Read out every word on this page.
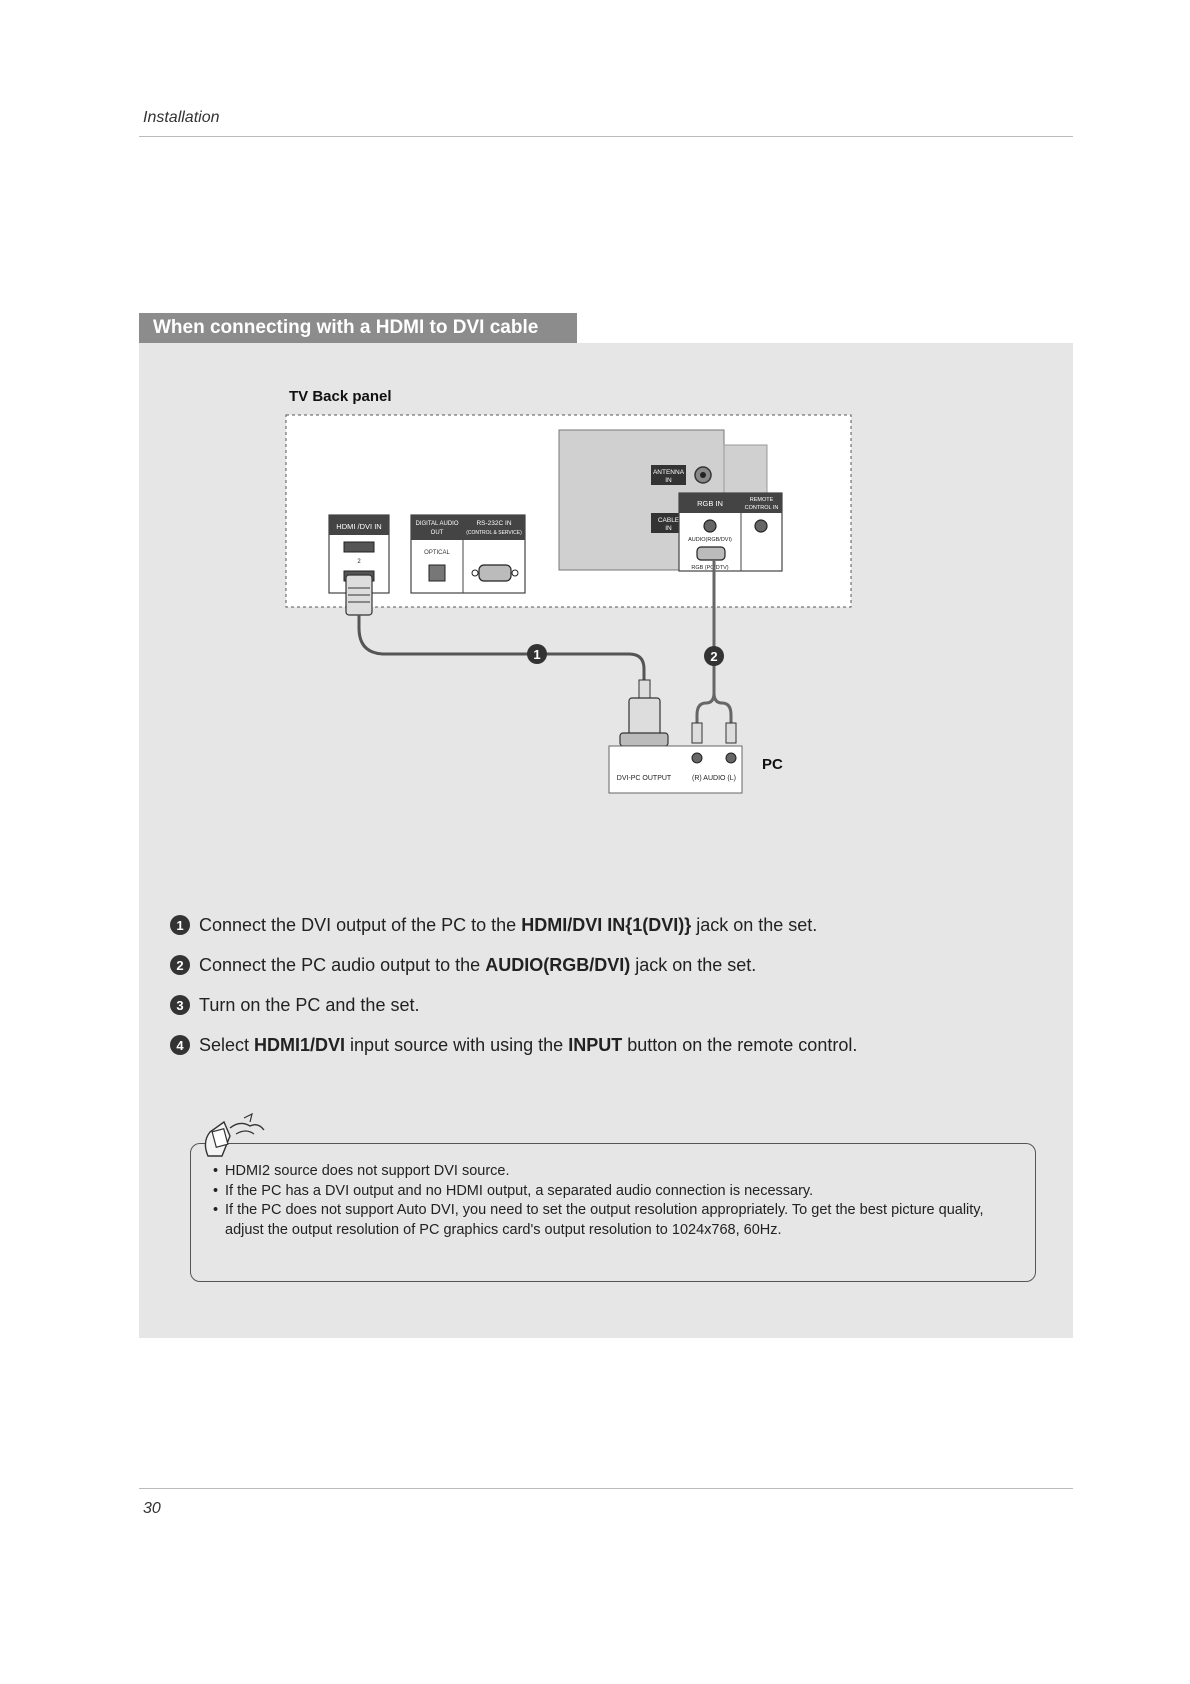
Installation
When connecting with a HDMI to DVI cable
TV Back panel
ANTENNA
IN
CABLE
IN
HDMI /DVI IN
2
DIGITAL AUDIO
OUT
RS-232C IN
(CONTROL & SERVICE)
OPTICAL
RGB IN	REMOTE
CONTROL IN
AUDIO(RGB/DVI)
RGB (PC/DTV)
1	2
DVI-PC OUTPUT	(R) AUDIO (L)
PC
1 Connect the DVI output of the PC to the HDMI/DVI IN{1(DVI)} jack on the set.
2 Connect the PC audio output to the AUDIO(RGB/DVI) jack on the set.
3 Turn on the PC and the set.
4 Select HDMI1/DVI input source with using the INPUT button on the remote control.
• HDMI2 source does not support DVI source.
• If the PC has a DVI output and no HDMI output, a separated audio connection is necessary.
• If the PC does not support Auto DVI, you need to set the output resolution appropriately. To get the best picture quality, adjust the output resolution of PC graphics card's output resolution to 1024x768, 60Hz.
30
